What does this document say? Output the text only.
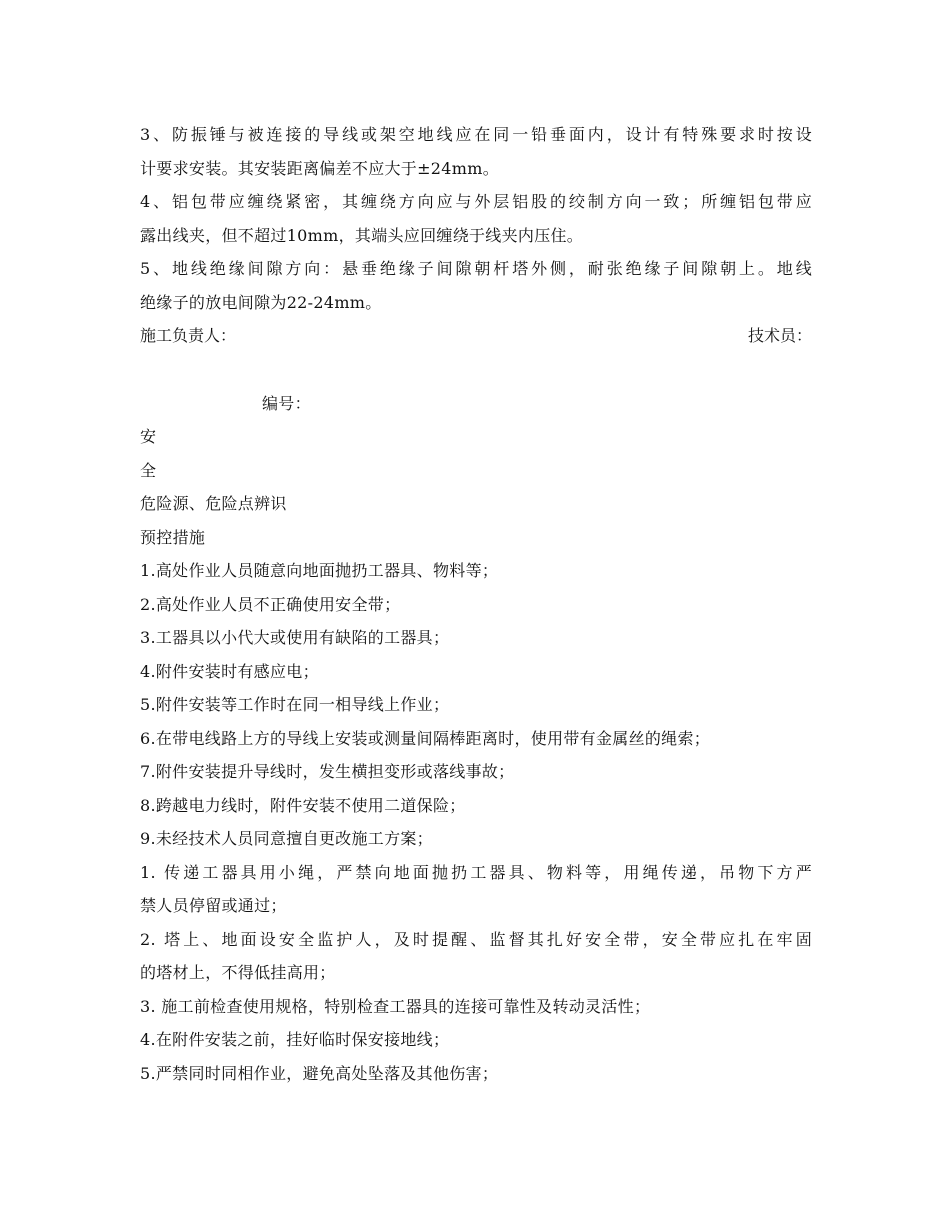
3、防振锤与被连接的导线或架空地线应在同一铅垂面内，设计有特殊要求时按设
计要求安装。其安装距离偏差不应大于±24mm。
4、铝包带应缠绕紧密，其缠绕方向应与外层铝股的绞制方向一致；所缠铝包带应
露出线夹，但不超过10mm，其端头应回缠绕于线夹内压住。
5、地线绝缘间隙方向：悬垂绝缘子间隙朝杆塔外侧，耐张绝缘子间隙朝上。地线
绝缘子的放电间隙为22-24mm。
施工负责人：	技术员：
编号：
安
全
危险源、危险点辨识
预控措施
1.高处作业人员随意向地面抛扔工器具、物料等；
2.高处作业人员不正确使用安全带；
3.工器具以小代大或使用有缺陷的工器具；
4.附件安装时有感应电；
5.附件安装等工作时在同一相导线上作业；
6.在带电线路上方的导线上安装或测量间隔棒距离时，使用带有金属丝的绳索；
7.附件安装提升导线时，发生横担变形或落线事故；
8.跨越电力线时，附件安装不使用二道保险；
9.未经技术人员同意擅自更改施工方案；
1. 传递工器具用小绳，严禁向地面抛扔工器具、物料等，用绳传递，吊物下方严
禁人员停留或通过；
2. 塔上、地面设安全监护人，及时提醒、监督其扎好安全带，安全带应扎在牢固
的塔材上，不得低挂高用；
3. 施工前检查使用规格，特别检查工器具的连接可靠性及转动灵活性；
4.在附件安装之前，挂好临时保安接地线；
5.严禁同时同相作业，避免高处坠落及其他伤害；
